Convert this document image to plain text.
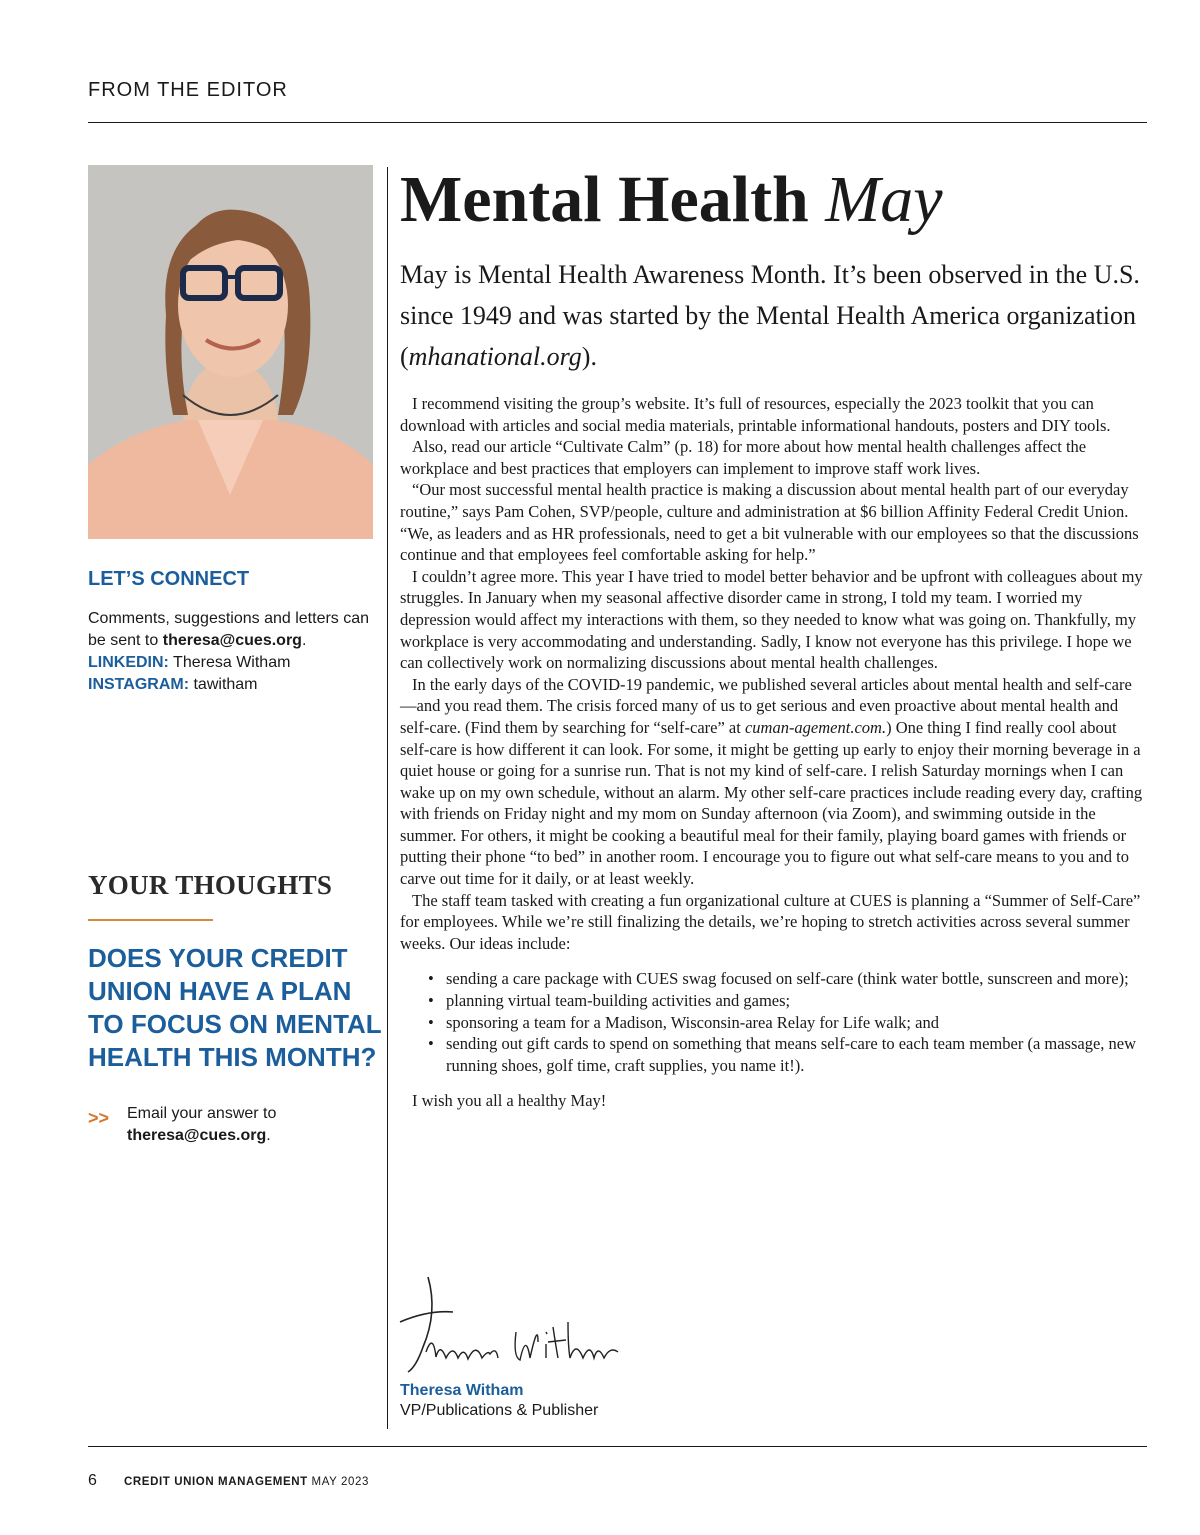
FROM THE EDITOR
LET’S CONNECT
Comments, suggestions and letters can be sent to theresa@cues.org.
LINKEDIN: Theresa Witham
INSTAGRAM: tawitham
YOUR THOUGHTS
DOES YOUR CREDIT UNION HAVE A PLAN TO FOCUS ON MENTAL HEALTH THIS MONTH?
>> Email your answer to
theresa@cues.org.
Mental Health May
May is Mental Health Awareness Month. It’s been observed in the U.S. since 1949 and was started by the Mental Health America organization (mhanational.org).

I recommend visiting the group’s website. It’s full of resources, especially the 2023 toolkit that you can download with articles and social media materials, printable informational handouts, posters and DIY tools.

Also, read our article “Cultivate Calm” (p. 18) for more about how mental health challenges affect the workplace and best practices that employers can implement to improve staff work lives.

“Our most successful mental health practice is making a discussion about mental health part of our everyday routine,” says Pam Cohen, SVP/people, culture and administration at $6 billion Affinity Federal Credit Union. “We, as leaders and as HR professionals, need to get a bit vulnerable with our employees so that the discussions continue and that employees feel comfortable asking for help.”

I couldn’t agree more. This year I have tried to model better behavior and be upfront with colleagues about my struggles. In January when my seasonal affective disorder came in strong, I told my team. I worried my depression would affect my interactions with them, so they needed to know what was going on. Thankfully, my workplace is very accommodating and understanding. Sadly, I know not everyone has this privilege. I hope we can collectively work on normalizing discussions about mental health challenges.

In the early days of the COVID-19 pandemic, we published several articles about mental health and self-care—and you read them. The crisis forced many of us to get serious and even proactive about mental health and self-care. (Find them by searching for “self-care” at cuman-agement.com.) One thing I find really cool about self-care is how different it can look. For some, it might be getting up early to enjoy their morning beverage in a quiet house or going for a sunrise run. That is not my kind of self-care. I relish Saturday mornings when I can wake up on my own schedule, without an alarm. My other self-care practices include reading every day, crafting with friends on Friday night and my mom on Sunday afternoon (via Zoom), and swimming outside in the summer. For others, it might be cooking a beautiful meal for their family, playing board games with friends or putting their phone “to bed” in another room. I encourage you to figure out what self-care means to you and to carve out time for it daily, or at least weekly.

The staff team tasked with creating a fun organizational culture at CUES is planning a “Summer of Self-Care” for employees. While we’re still finalizing the details, we’re hoping to stretch activities across several summer weeks. Our ideas include:

• sending a care package with CUES swag focused on self-care (think water bottle, sunscreen and more);
• planning virtual team-building activities and games;
• sponsoring a team for a Madison, Wisconsin-area Relay for Life walk; and
• sending out gift cards to spend on something that means self-care to each team member (a massage, new running shoes, golf time, craft supplies, you name it!).

I wish you all a healthy May!

Theresa Witham
VP/Publications & Publisher
6 CREDIT UNION MANAGEMENT MAY 2023
